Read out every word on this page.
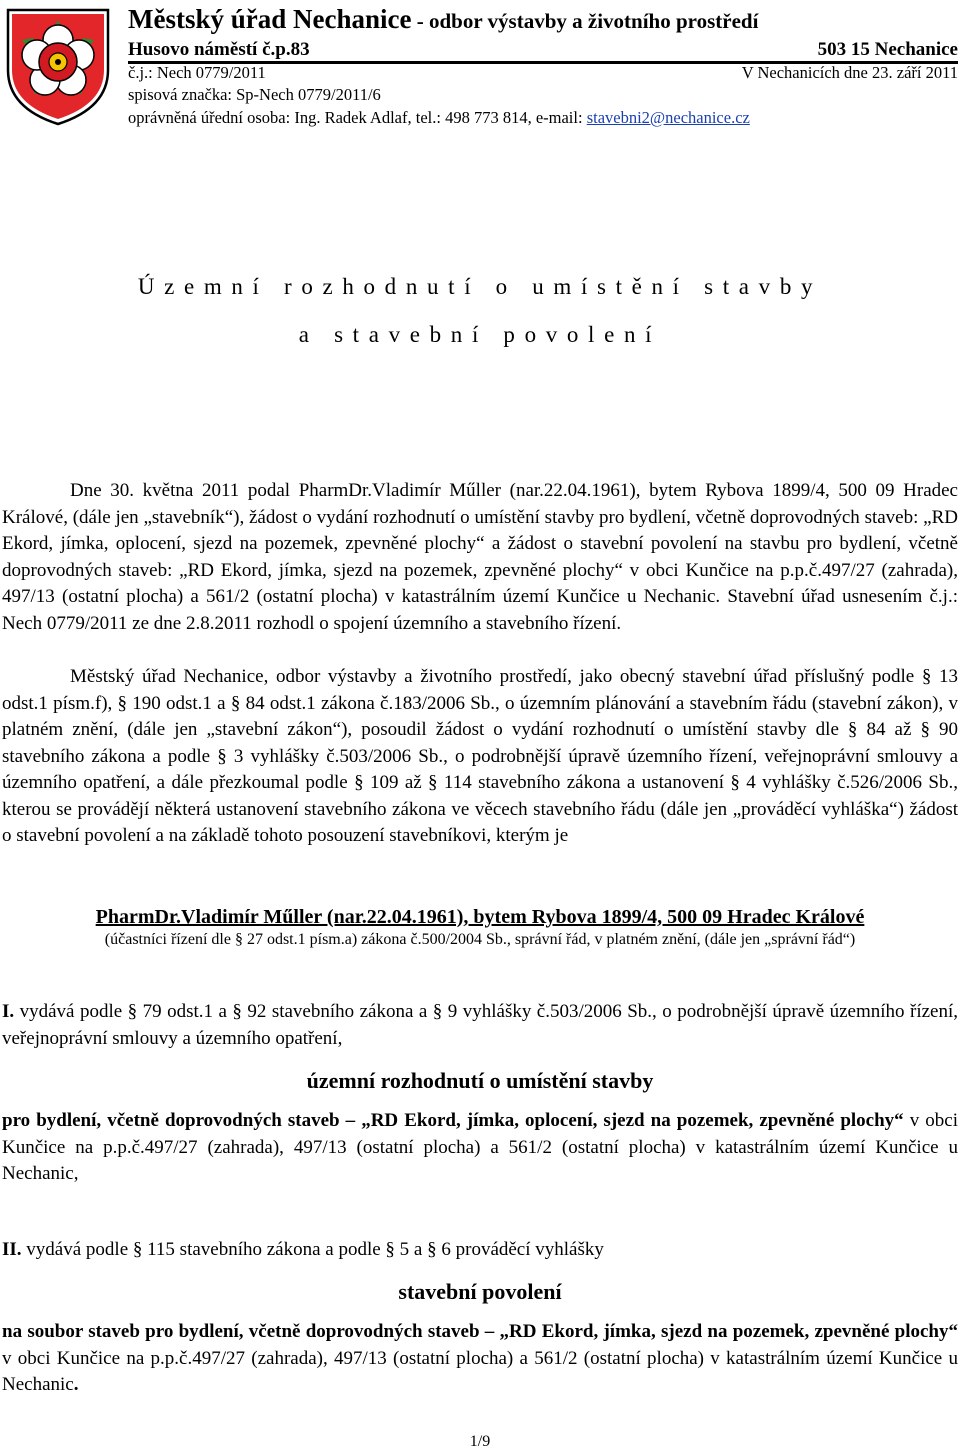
Městský úřad Nechanice - odbor výstavby a životního prostředí
Husovo náměstí č.p.83	503 15 Nechanice
č.j.: Nech 0779/2011	V Nechanicích dne 23. září 2011
spisová značka: Sp-Nech 0779/2011/6
oprávněná úřední osoba: Ing. Radek Adlaf, tel.: 498 773 814, e-mail: stavebni2@nechanice.cz
Územní rozhodnutí o umístění stavby
a stavební povolení

Dne 30. května 2011 podal PharmDr.Vladimír Műller (nar.22.04.1961), bytem Rybova 1899/4, 500 09 Hradec Králové, (dále jen „stavebník“), žádost o vydání rozhodnutí o umístění stavby pro bydlení, včetně doprovodných staveb: „RD Ekord, jímka, oplocení, sjezd na pozemek, zpevněné plochy“ a žádost o stavební povolení na stavbu pro bydlení, včetně doprovodných staveb: „RD Ekord, jímka, sjezd na pozemek, zpevněné plochy“ v obci Kunčice na p.p.č.497/27 (zahrada), 497/13 (ostatní plocha) a 561/2 (ostatní plocha) v katastrálním území Kunčice u Nechanic. Stavební úřad usnesením č.j.: Nech 0779/2011 ze dne 2.8.2011 rozhodl o spojení územního a stavebního řízení.

Městský úřad Nechanice, odbor výstavby a životního prostředí, jako obecný stavební úřad příslušný podle § 13 odst.1 písm.f), § 190 odst.1 a § 84 odst.1 zákona č.183/2006 Sb., o územním plánování a stavebním řádu (stavební zákon), v platném znění, (dále jen „stavební zákon“), posoudil žádost o vydání rozhodnutí o umístění stavby dle § 84 až § 90 stavebního zákona a podle § 3 vyhlášky č.503/2006 Sb., o podrobnější úpravě územního řízení, veřejnoprávní smlouvy a územního opatření, a dále přezkoumal podle § 109 až § 114 stavebního zákona a ustanovení § 4 vyhlášky č.526/2006 Sb., kterou se provádějí některá ustanovení stavebního zákona ve věcech stavebního řádu (dále jen „prováděcí vyhláška“) žádost o stavební povolení a na základě tohoto posouzení stavebníkovi, kterým je

PharmDr.Vladimír Műller (nar.22.04.1961), bytem Rybova 1899/4, 500 09 Hradec Králové
(účastníci řízení dle § 27 odst.1 písm.a) zákona č.500/2004 Sb., správní řád, v platném znění, (dále jen „správní řád“)

I. vydává podle § 79 odst.1 a § 92 stavebního zákona a § 9 vyhlášky č.503/2006 Sb., o podrobnější úpravě územního řízení, veřejnoprávní smlouvy a územního opatření,

územní rozhodnutí o umístění stavby

pro bydlení, včetně doprovodných staveb – „RD Ekord, jímka, oplocení, sjezd na pozemek, zpevněné plochy“ v obci Kunčice na p.p.č.497/27 (zahrada), 497/13 (ostatní plocha) a 561/2 (ostatní plocha) v katastrálním území Kunčice u Nechanic,

II. vydává podle § 115 stavebního zákona a podle § 5 a § 6 prováděcí vyhlášky

stavební povolení

na soubor staveb pro bydlení, včetně doprovodných staveb – „RD Ekord, jímka, sjezd na pozemek, zpevněné plochy“ v obci Kunčice na p.p.č.497/27 (zahrada), 497/13 (ostatní plocha) a 561/2 (ostatní plocha) v katastrálním území Kunčice u Nechanic.

1/9
